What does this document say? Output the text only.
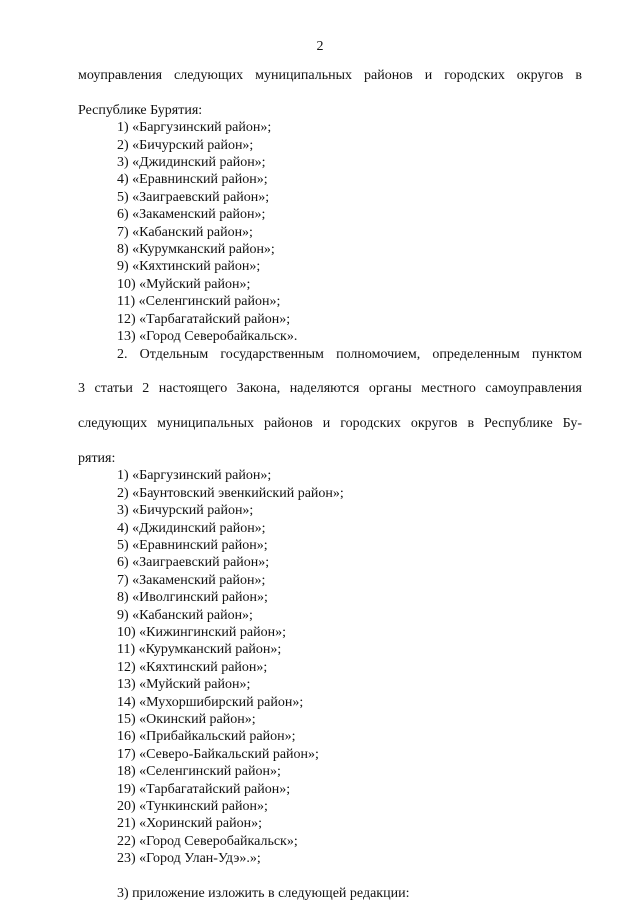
2

моуправления следующих муниципальных районов и городских округов в

Республике Бурятия:

1) «Баргузинский район»;
2) «Бичурский район»;
3) «Джидинский район»;
4) «Еравнинский район»;
5) «Заиграевский район»;
6) «Закаменский район»;
7) «Кабанский район»;
8) «Курумканский район»;
9) «Кяхтинский район»;
10) «Муйский район»;
11) «Селенгинский район»;
12) «Тарбагатайский район»;
13) «Город Северобайкальск».

2. Отдельным государственным полномочием, определенным пунктом

3 статьи 2 настоящего Закона, наделяются органы местного самоуправления

следующих муниципальных районов и городских округов в Республике Бу-

рятия:

1) «Баргузинский район»;
2) «Баунтовский эвенкийский район»;
3) «Бичурский район»;
4) «Джидинский район»;
5) «Еравнинский район»;
6) «Заиграевский район»;
7) «Закаменский район»;
8) «Иволгинский район»;
9) «Кабанский район»;
10) «Кижингинский район»;
11) «Курумканский район»;
12) «Кяхтинский район»;
13) «Муйский район»;
14) «Мухоршибирский район»;
15) «Окинский район»;
16) «Прибайкальский район»;
17) «Северо-Байкальский район»;
18) «Селенгинский район»;
19) «Тарбагатайский район»;
20) «Тункинский район»;
21) «Хоринский район»;
22) «Город Северобайкальск»;
23) «Город Улан-Удэ».»;

3) приложение изложить в следующей редакции:
